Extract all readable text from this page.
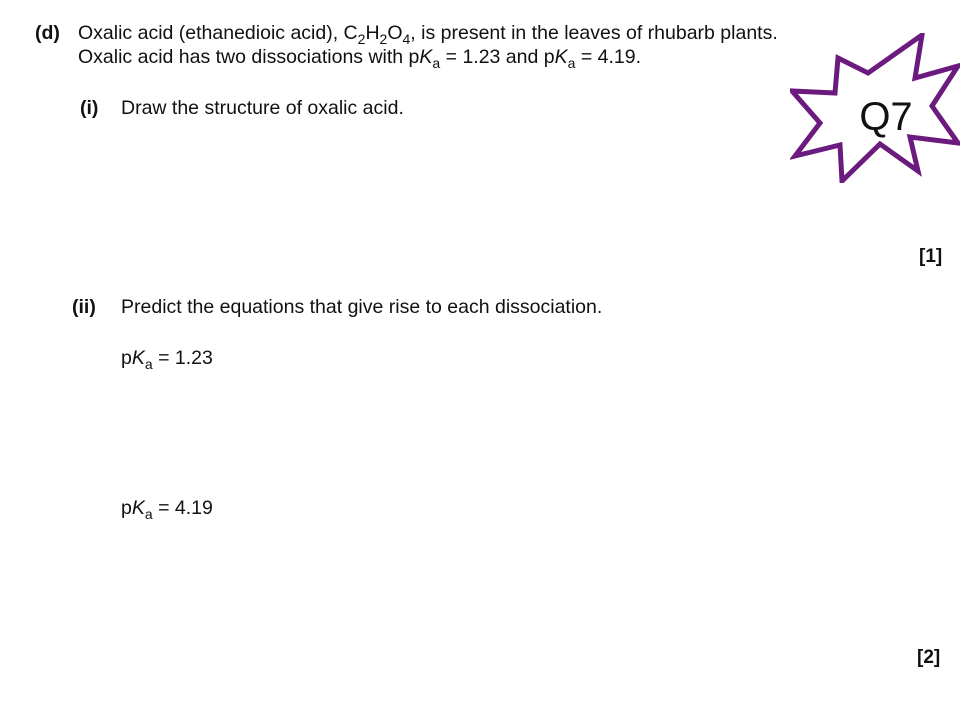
(d) Oxalic acid (ethanedioic acid), $C_2H_2O_4$, is present in the leaves of rhubarb plants.
Oxalic acid has two dissociations with $pK_a = 1.23$ and $pK_a = 4.19$.
(i) Draw the structure of oxalic acid.
[1]
(ii) Predict the equations that give rise to each dissociation.
$pK_a = 1.23$
$pK_a = 4.19$
[2]
Q7
